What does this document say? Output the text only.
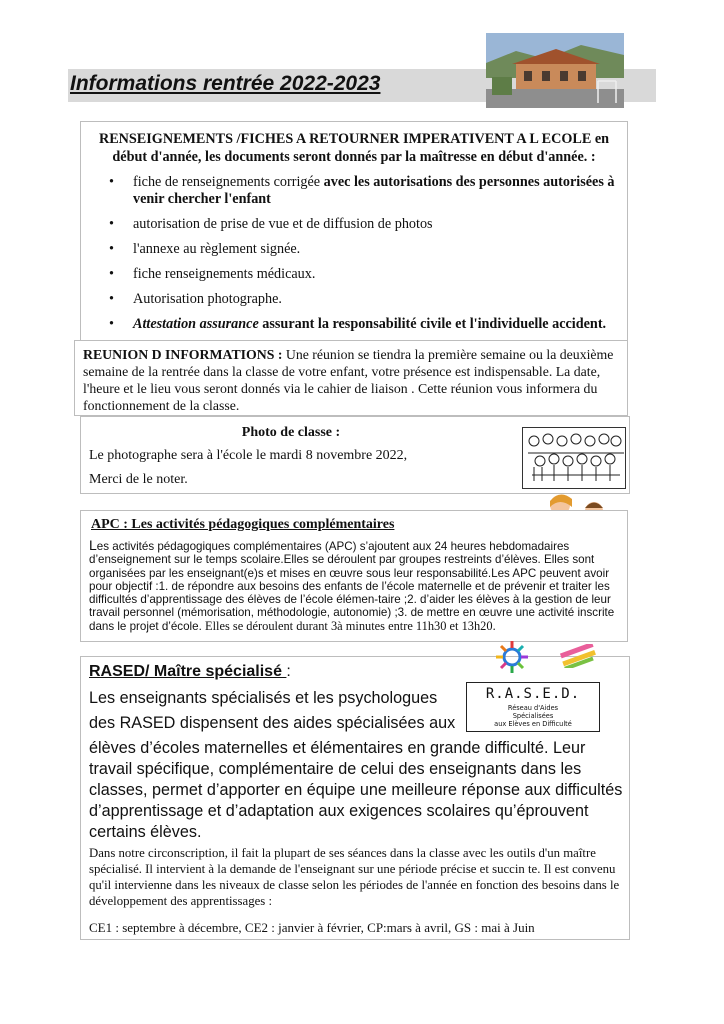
Informations rentrée 2022-2023
RENSEIGNEMENTS /FICHES A RETOURNER IMPERATIVENT A L ECOLE en début d'année, les documents seront donnés par la maîtresse en début d'année. :
• fiche de renseignements corrigée avec les autorisations des personnes autorisées à venir chercher l'enfant
• autorisation de prise de vue et de diffusion de photos
• l'annexe au règlement signée.
• fiche renseignements médicaux.
• Autorisation photographe.
• Attestation assurance assurant la responsabilité civile et l'individuelle accident.
REUNION D INFORMATIONS : Une réunion se tiendra la première semaine ou la deuxième semaine de la rentrée dans la classe de votre enfant, votre présence est indispensable. La date, l'heure et le lieu vous seront donnés via le cahier de liaison . Cette réunion vous informera du fonctionnement de la classe.
Photo de classe :
Le photographe sera à l'école le mardi 8 novembre 2022,
Merci de le noter.
APC : Les activités pédagogiques complémentaires
Les activités pédagogiques complémentaires (APC) s’ajoutent aux 24 heures hebdomadaires d’enseignement sur le temps scolaire.Elles se déroulent par groupes restreints d’élèves. Elles sont organisées par les enseignant(e)s et mises en œuvre sous leur responsabilité.Les APC peuvent avoir pour objectif :1. de répondre aux besoins des enfants de l’école maternelle et de prévenir et traiter les difficultés d’apprentissage des élèves de l’école élémen-taire ;2. d’aider les élèves à la gestion de leur travail personnel (mémorisation, méthodologie, autonomie) ;3. de mettre en œuvre une activité inscrite dans le projet d’école. Elles se déroulent durant 3à minutes entre 11h30 et 13h20.
RASED/ Maître spécialisé :
Les enseignants spécialisés et les psychologues
des RASED dispensent des aides spécialisées aux
élèves d’écoles maternelles et élémentaires en grande difficulté. Leur travail spécifique, complémentaire de celui des enseignants dans les classes, permet d’apporter en équipe une meilleure réponse aux difficultés d’apprentissage et d’adaptation aux exigences scolaires qu’éprouvent certains élèves.
Dans notre circonscription, il fait la plupart de ses séances dans la classe avec les outils d'un maître spécialisé. Il intervient à la demande de l'enseignant sur une période précise et succin te. Il est convenu qu'il intervienne dans les niveaux de classe selon les périodes de l'année en fonction des besoins dans le développement des apprentissages :
CE1 : septembre à décembre, CE2 : janvier à février, CP:mars à avril, GS : mai à Juin
R.A.S.E.D.
Réseau d'Aides
Spécialisées
aux Elèves en Difficulté
